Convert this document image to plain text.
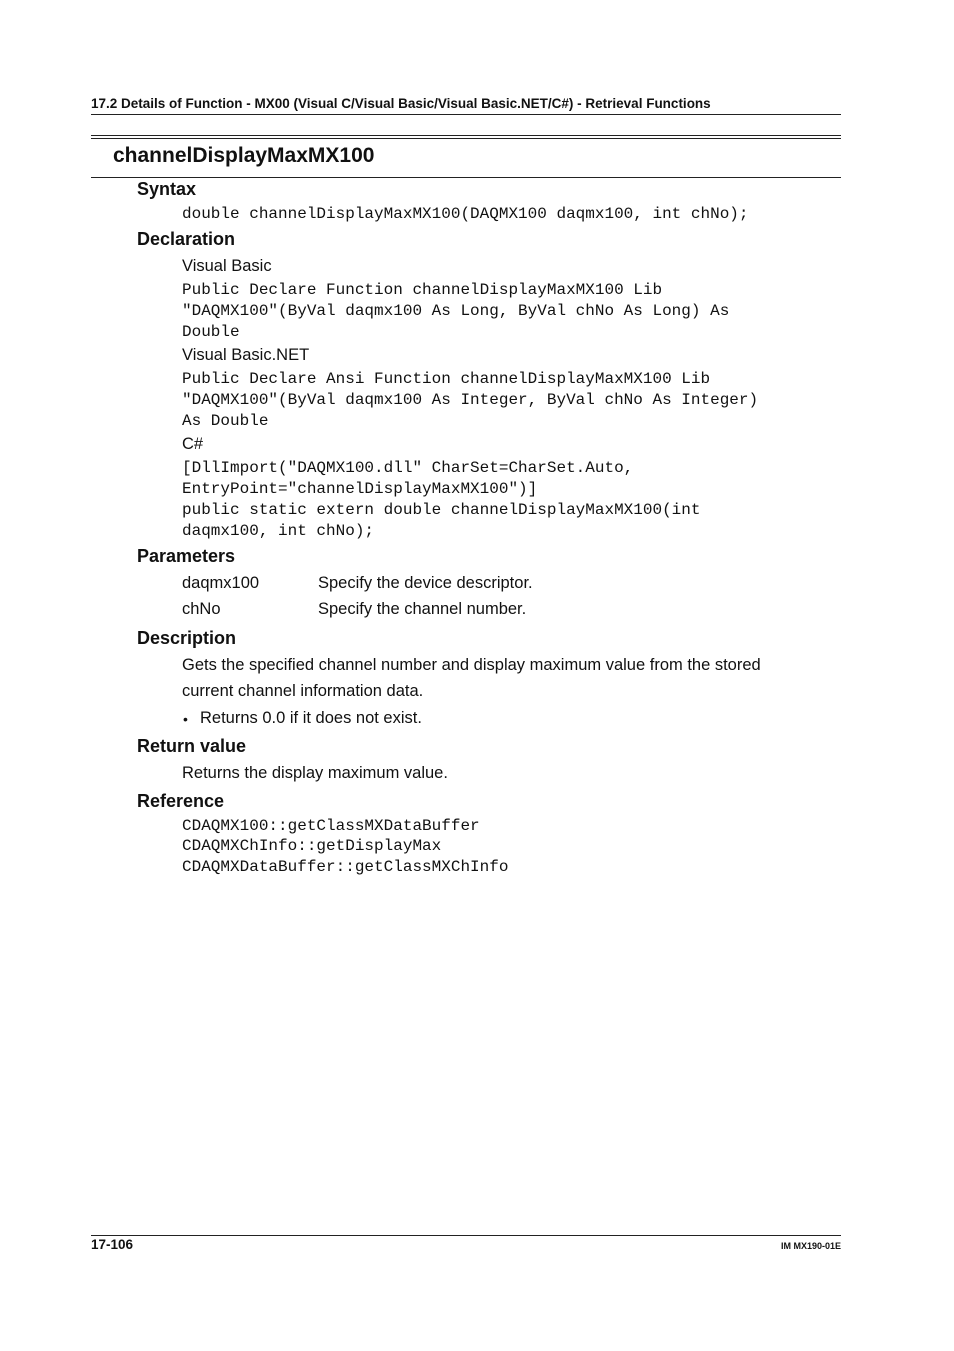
17.2 Details of Function - MX00 (Visual C/Visual Basic/Visual Basic.NET/C#) - Retrieval Functions
channelDisplayMaxMX100
Syntax
double channelDisplayMaxMX100(DAQMX100 daqmx100, int chNo);
Declaration
Visual Basic
Public Declare Function channelDisplayMaxMX100 Lib
"DAQMX100"(ByVal daqmx100 As Long, ByVal chNo As Long) As
Double
Visual Basic.NET
Public Declare Ansi Function channelDisplayMaxMX100 Lib
"DAQMX100"(ByVal daqmx100 As Integer, ByVal chNo As Integer)
As Double
C#
[DllImport("DAQMX100.dll" CharSet=CharSet.Auto,
EntryPoint="channelDisplayMaxMX100")]
public static extern double channelDisplayMaxMX100(int
daqmx100, int chNo);
Parameters
daqmx100	Specify the device descriptor.
chNo	Specify the channel number.
Description
Gets the specified channel number and display maximum value from the stored
current channel information data.
• Returns 0.0 if it does not exist.
Return value
Returns the display maximum value.
Reference
CDAQMX100::getClassMXDataBuffer
CDAQMXChInfo::getDisplayMax
CDAQMXDataBuffer::getClassMXChInfo
17-106	IM MX190-01E
